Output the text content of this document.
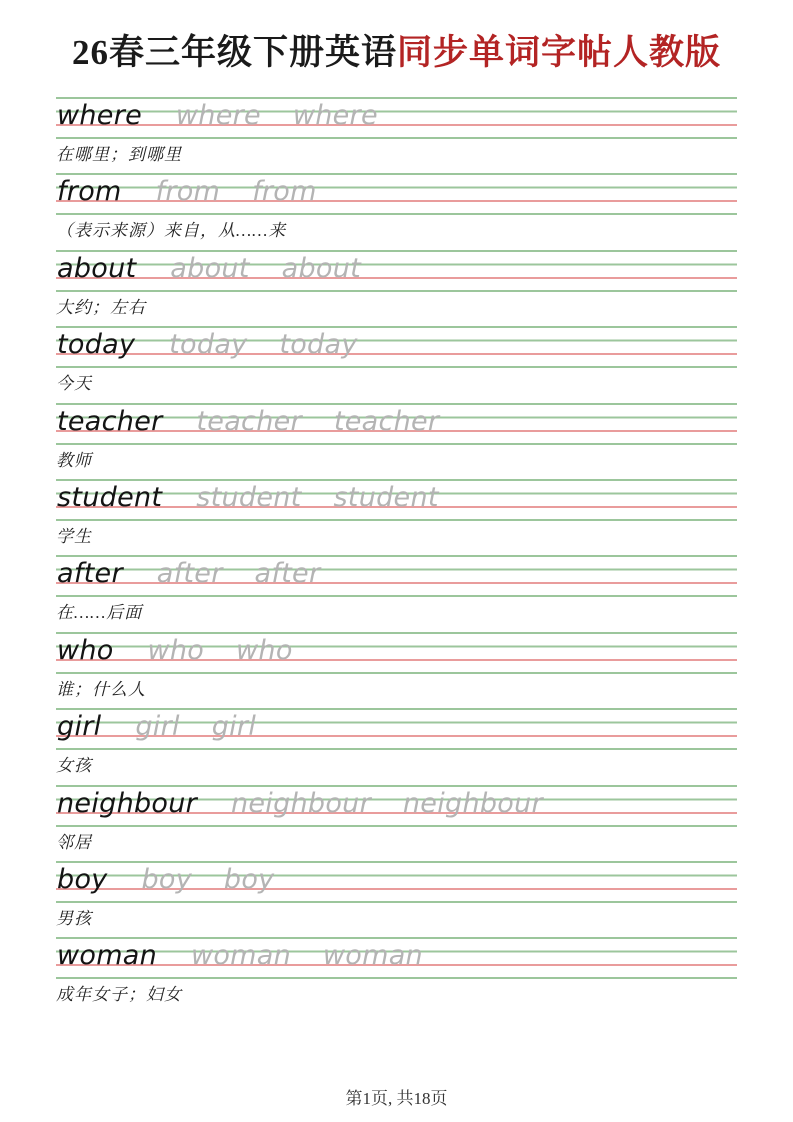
26春三年级下册英语同步单词字帖人教版
where where where
在哪里；到哪里
from from from
（表示来源）来自，从……来
about about about
大约；左右
today today today
今天
teacher teacher teacher
教师
student student student
学生
after after after
在……后面
who who who
谁；什么人
girl girl girl
女孩
neighbour neighbour neighbour
邻居
boy boy boy
男孩
woman woman woman
成年女子；妇女
第1页, 共18页
